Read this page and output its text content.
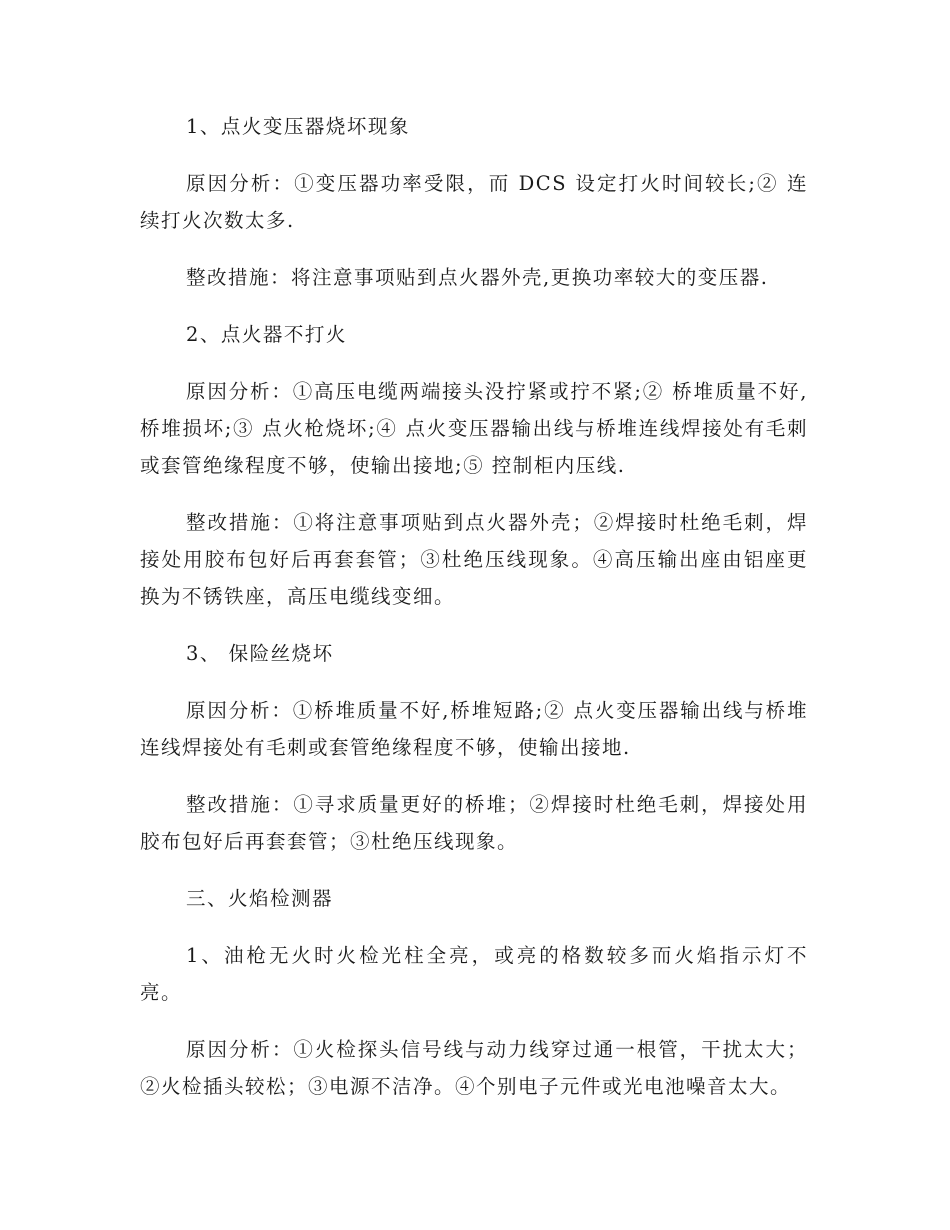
1、点火变压器烧坏现象

原因分析：①变压器功率受限，而 DCS 设定打火时间较长;② 连续打火次数太多.

整改措施：将注意事项贴到点火器外壳,更换功率较大的变压器.

2、点火器不打火

原因分析：①高压电缆两端接头没拧紧或拧不紧;② 桥堆质量不好,桥堆损坏;③ 点火枪烧坏;④ 点火变压器输出线与桥堆连线焊接处有毛刺或套管绝缘程度不够，使输出接地;⑤ 控制柜内压线.

整改措施：①将注意事项贴到点火器外壳；②焊接时杜绝毛刺，焊接处用胶布包好后再套套管；③杜绝压线现象。④高压输出座由铝座更换为不锈铁座，高压电缆线变细。

3、 保险丝烧坏

原因分析：①桥堆质量不好,桥堆短路;② 点火变压器输出线与桥堆连线焊接处有毛刺或套管绝缘程度不够，使输出接地.

整改措施：①寻求质量更好的桥堆；②焊接时杜绝毛刺，焊接处用胶布包好后再套套管；③杜绝压线现象。

三、火焰检测器

1、油枪无火时火检光柱全亮，或亮的格数较多而火焰指示灯不亮。

原因分析：①火检探头信号线与动力线穿过通一根管，干扰太大；②火检插头较松；③电源不洁净。④个别电子元件或光电池噪音太大。
